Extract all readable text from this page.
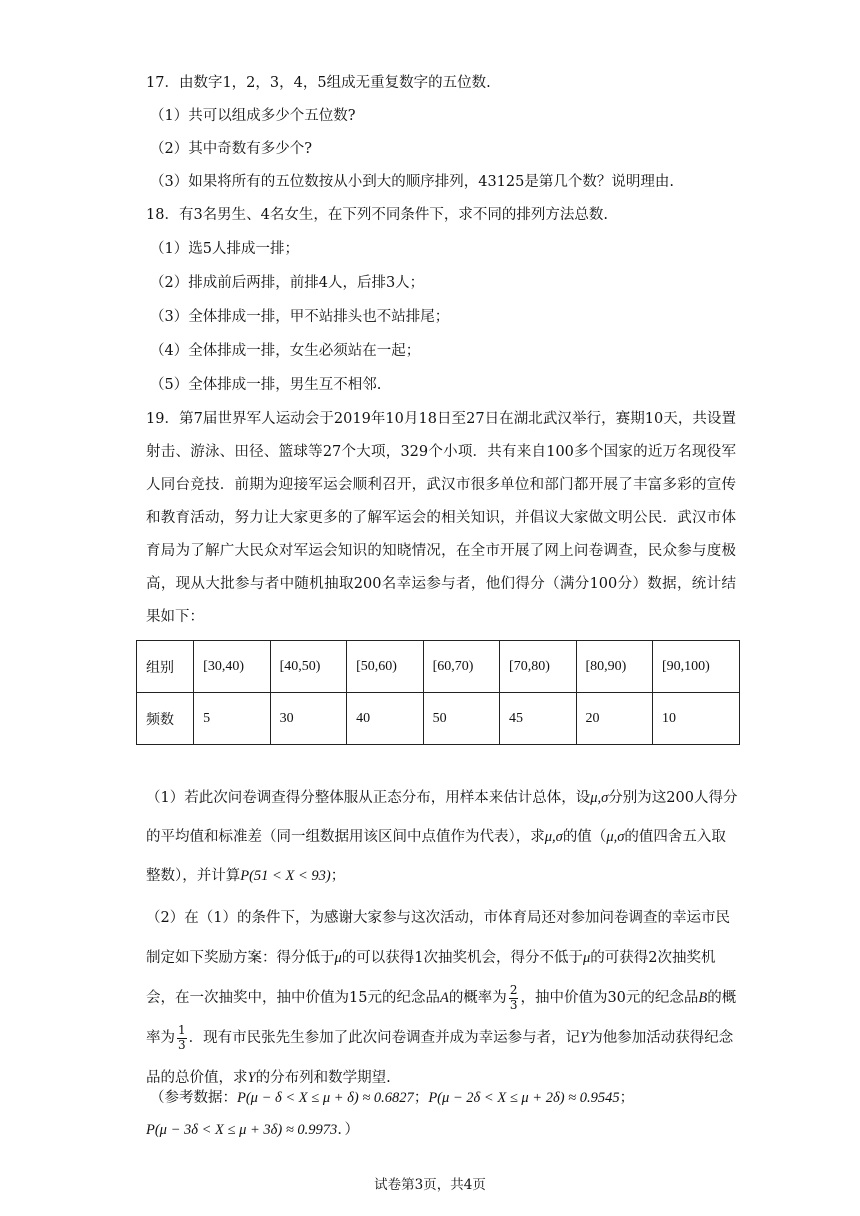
17．由数字1，2，3，4，5组成无重复数字的五位数.
（1）共可以组成多少个五位数?
（2）其中奇数有多少个?
（3）如果将所有的五位数按从小到大的顺序排列，43125是第几个数？说明理由.
18．有3名男生、4名女生，在下列不同条件下，求不同的排列方法总数.
（1）选5人排成一排；
（2）排成前后两排，前排4人，后排3人；
（3）全体排成一排，甲不站排头也不站排尾；
（4）全体排成一排，女生必须站在一起；
（5）全体排成一排，男生互不相邻.
19．第7届世界军人运动会于2019年10月18日至27日在湖北武汉举行，赛期10天，共设置射击、游泳、田径、篮球等27个大项，329个小项．共有来自100多个国家的近万名现役军人同台竞技．前期为迎接军运会顺利召开，武汉市很多单位和部门都开展了丰富多彩的宣传和教育活动，努力让大家更多的了解军运会的相关知识，并倡议大家做文明公民．武汉市体育局为了解广大民众对军运会知识的知晓情况，在全市开展了网上问卷调查，民众参与度极高，现从大批参与者中随机抽取200名幸运参与者，他们得分（满分100分）数据，统计结果如下：
组别	[30,40)	[40,50)	[50,60)	[60,70)	[70,80)	[80,90)	[90,100)
频数	5	30	40	50	45	20	10
（1）若此次问卷调查得分整体服从正态分布，用样本来估计总体，设μ,σ分别为这200人得分的平均值和标准差（同一组数据用该区间中点值作为代表），求μ,σ的值（μ,σ的值四舍五入取整数），并计算P(51 < X < 93)；
（2）在（1）的条件下，为感谢大家参与这次活动，市体育局还对参加问卷调查的幸运市民制定如下奖励方案：得分低于μ的可以获得1次抽奖机会，得分不低于μ的可获得2次抽奖机会，在一次抽奖中，抽中价值为15元的纪念品A的概率为 $\frac{2}{3}$ ，抽中价值为30元的纪念品B的概率为 $\frac{1}{3}$ ．现有市民张先生参加了此次问卷调查并成为幸运参与者，记Y为他参加活动获得纪念品的总价值，求Y的分布列和数学期望.
（参考数据：P(μ − δ < X ≤ μ + δ) ≈ 0.6827；P(μ − 2δ < X ≤ μ + 2δ) ≈ 0.9545；
P(μ − 3δ < X ≤ μ + 3δ) ≈ 0.9973．）
试卷第3页，共4页
